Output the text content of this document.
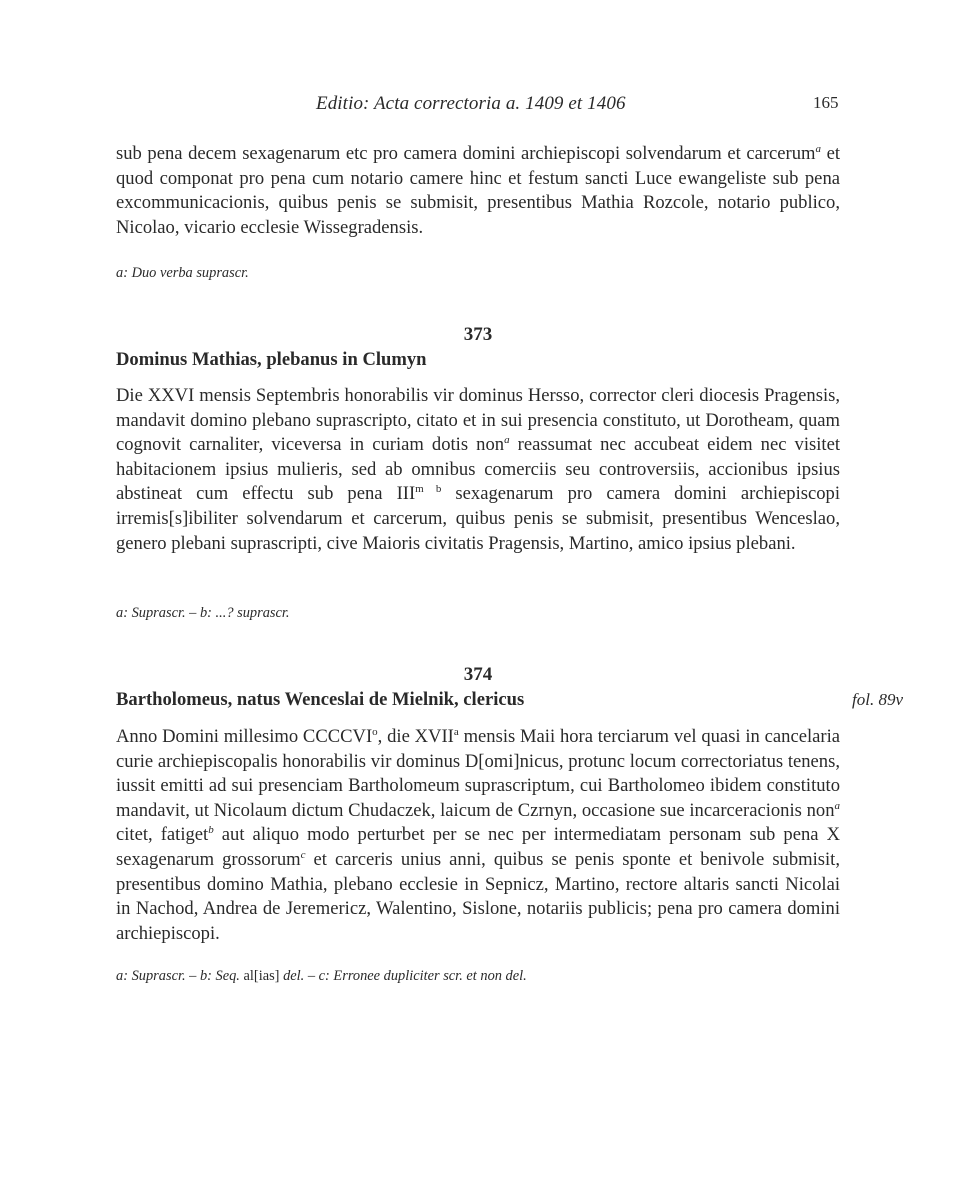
Editio: Acta correctoria a. 1409 et 1406	165

sub pena decem sexagenarum etc pro camera domini archiepiscopi solvendarum et carcerum$^a$ et quod componat pro pena cum notario camere hinc et festum sancti Luce ewangeliste sub pena excommunicacionis, quibus penis se submisit, presentibus Mathia Rozcole, notario publico, Nicolao, vicario ecclesie Wissegradensis.

a: Duo verba suprascr.

373

Dominus Mathias, plebanus in Clumyn

Die XXVI mensis Septembris honorabilis vir dominus Hersso, corrector cleri diocesis Pragensis, mandavit domino plebano suprascripto, citato et in sui presencia constituto, ut Dorotheam, quam cognovit carnaliter, viceversa in curiam dotis non$^a$ reassumat nec accubeat eidem nec visitet habitacionem ipsius mulieris, sed ab omnibus comerciis seu controversiis, accionibus ipsius abstineat cum effectu sub pena $III^{m b}$ sexagenarum pro camera domini archiepiscopi irremis[s]ibiliter solvendarum et carcerum, quibus penis se submisit, presentibus Wenceslao, genero plebani suprascripti, cive Maioris civitatis Pragensis, Martino, amico ipsius plebani.

a: Suprascr. – b: ...? suprascr.

374

Bartholomeus, natus Wenceslai de Mielnik, clericus	fol. 89v

Anno Domini millesimo CCCCVI$^o$, die XVII$^a$ mensis Maii hora terciarum vel quasi in cancelaria curie archiepiscopalis honorabilis vir dominus D[omi]nicus, protunc locum correctoriatus tenens, iussit emitti ad sui presenciam Bartholomeum suprascriptum, cui Bartholomeo ibidem constituto mandavit, ut Nicolaum dictum Chudaczek, laicum de Czrnyn, occasione sue incarceracionis non$^a$ citet, fatiget$^b$ aut aliquo modo perturbet per se nec per intermediatam personam sub pena X sexagenarum grossorum$^c$ et carceris unius anni, quibus se penis sponte et benivole submisit, presentibus domino Mathia, plebano ecclesie in Sepnicz, Martino, rectore altaris sancti Nicolai in Nachod, Andrea de Jeremericz, Walentino, Sislone, notariis publicis; pena pro camera domini archiepiscopi.

a: Suprascr. – b: Seq. al[ias] del. – c: Erronee dupliciter scr. et non del.
